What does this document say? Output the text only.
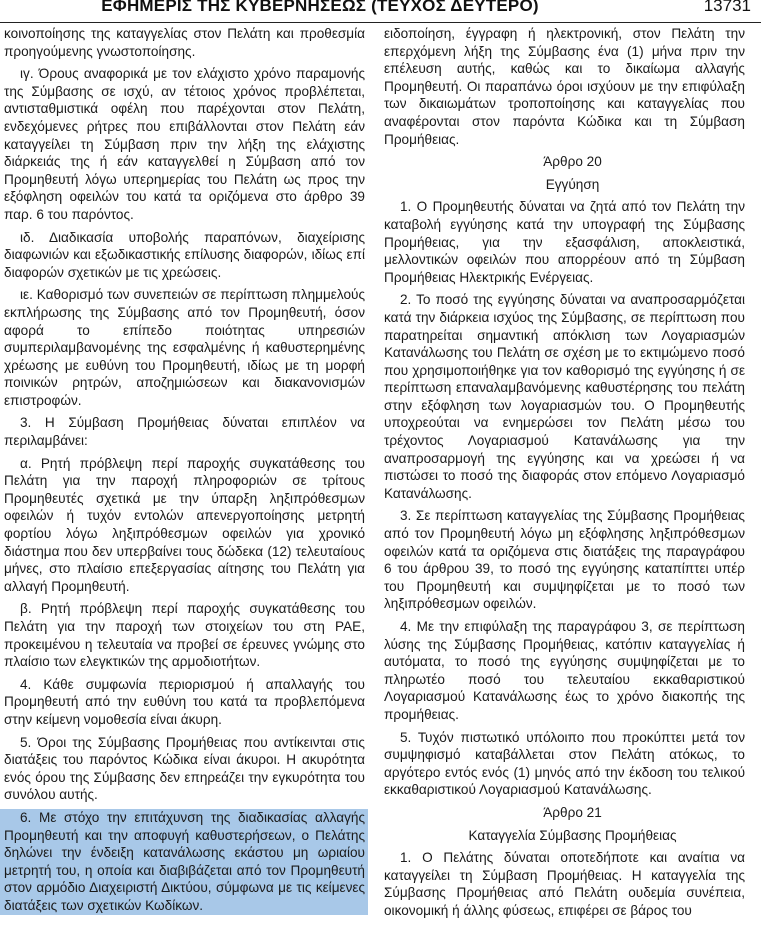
ΕΦΗΜΕΡΙΣ ΤΗΣ ΚΥΒΕΡΝΗΣΕΩΣ (ΤΕΥΧΟΣ ΔΕΥΤΕΡΟ)	13731

κοινοποίησης της καταγγελίας στον Πελάτη και προθεσμία προηγούμενης γνωστοποίησης.

ιγ. Όρους αναφορικά με τον ελάχιστο χρόνο παραμονής της Σύμβασης σε ισχύ, αν τέτοιος χρόνος προβλέπεται, αντισταθμιστικά οφέλη που παρέχονται στον Πελάτη, ενδεχόμενες ρήτρες που επιβάλλονται στον Πελάτη εάν καταγγείλει τη Σύμβαση πριν την λήξη της ελάχιστης διάρκειάς της ή εάν καταγγελθεί η Σύμβαση από τον Προμηθευτή λόγω υπερημερίας του Πελάτη ως προς την εξόφληση οφειλών του κατά τα οριζόμενα στο άρθρο 39 παρ. 6 του παρόντος.

ιδ. Διαδικασία υποβολής παραπόνων, διαχείρισης διαφωνιών και εξωδικαστικής επίλυσης διαφορών, ιδίως επί διαφορών σχετικών με τις χρεώσεις.

ιε. Καθορισμό των συνεπειών σε περίπτωση πλημμελούς εκπλήρωσης της Σύμβασης από τον Προμηθευτή, όσον αφορά το επίπεδο ποιότητας υπηρεσιών συμπεριλαμβανομένης της εσφαλμένης ή καθυστερημένης χρέωσης με ευθύνη του Προμηθευτή, ιδίως με τη μορφή ποινικών ρητρών, αποζημιώσεων και διακανονισμών επιστροφών.

3. Η Σύμβαση Προμήθειας δύναται επιπλέον να περιλαμβάνει:

α. Ρητή πρόβλεψη περί παροχής συγκατάθεσης του Πελάτη για την παροχή πληροφοριών σε τρίτους Προμηθευτές σχετικά με την ύπαρξη ληξιπρόθεσμων οφειλών ή τυχόν εντολών απενεργοποίησης μετρητή φορτίου λόγω ληξιπρόθεσμων οφειλών για χρονικό διάστημα που δεν υπερβαίνει τους δώδεκα (12) τελευταίους μήνες, στο πλαίσιο επεξεργασίας αίτησης του Πελάτη για αλλαγή Προμηθευτή.

β. Ρητή πρόβλεψη περί παροχής συγκατάθεσης του Πελάτη για την παροχή των στοιχείων του στη ΡΑΕ, προκειμένου η τελευταία να προβεί σε έρευνες γνώμης στο πλαίσιο των ελεγκτικών της αρμοδιοτήτων.

4. Κάθε συμφωνία περιορισμού ή απαλλαγής του Προμηθευτή από την ευθύνη του κατά τα προβλεπόμενα στην κείμενη νομοθεσία είναι άκυρη.

5. Όροι της Σύμβασης Προμήθειας που αντίκεινται στις διατάξεις του παρόντος Κώδικα είναι άκυροι. Η ακυρότητα ενός όρου της Σύμβασης δεν επηρεάζει την εγκυρότητα του συνόλου αυτής.

6. Με στόχο την επιτάχυνση της διαδικασίας αλλαγής Προμηθευτή και την αποφυγή καθυστερήσεων, ο Πελάτης δηλώνει την ένδειξη κατανάλωσης εκάστου μη ωριαίου μετρητή του, η οποία και διαβιβάζεται από τον Προμηθευτή στον αρμόδιο Διαχειριστή Δικτύου, σύμφωνα με τις κείμενες διατάξεις των σχετικών Κωδίκων.

ειδοποίηση, έγγραφη ή ηλεκτρονική, στον Πελάτη την επερχόμενη λήξη της Σύμβασης ένα (1) μήνα πριν την επέλευση αυτής, καθώς και το δικαίωμα αλλαγής Προμηθευτή. Οι παραπάνω όροι ισχύουν με την επιφύλαξη των δικαιωμάτων τροποποίησης και καταγγελίας που αναφέρονται στον παρόντα Κώδικα και τη Σύμβαση Προμήθειας.

Άρθρο 20

Εγγύηση

1. Ο Προμηθευτής δύναται να ζητά από τον Πελάτη την καταβολή εγγύησης κατά την υπογραφή της Σύμβασης Προμήθειας, για την εξασφάλιση, αποκλειστικά, μελλοντικών οφειλών που απορρέουν από τη Σύμβαση Προμήθειας Ηλεκτρικής Ενέργειας.

2. Το ποσό της εγγύησης δύναται να αναπροσαρμόζεται κατά την διάρκεια ισχύος της Σύμβασης, σε περίπτωση που παρατηρείται σημαντική απόκλιση των Λογαριασμών Κατανάλωσης του Πελάτη σε σχέση με το εκτιμώμενο ποσό που χρησιμοποιήθηκε για τον καθορισμό της εγγύησης ή σε περίπτωση επαναλαμβανόμενης καθυστέρησης του πελάτη στην εξόφληση των λογαριασμών του. Ο Προμηθευτής υποχρεούται να ενημερώσει τον Πελάτη μέσω του τρέχοντος Λογαριασμού Κατανάλωσης για την αναπροσαρμογή της εγγύησης και να χρεώσει ή να πιστώσει το ποσό της διαφοράς στον επόμενο Λογαριασμό Κατανάλωσης.

3. Σε περίπτωση καταγγελίας της Σύμβασης Προμήθειας από τον Προμηθευτή λόγω μη εξόφλησης ληξιπρόθεσμων οφειλών κατά τα οριζόμενα στις διατάξεις της παραγράφου 6 του άρθρου 39, το ποσό της εγγύησης καταπίπτει υπέρ του Προμηθευτή και συμψηφίζεται με το ποσό των ληξιπρόθεσμων οφειλών.

4. Με την επιφύλαξη της παραγράφου 3, σε περίπτωση λύσης της Σύμβασης Προμήθειας, κατόπιν καταγγελίας ή αυτόματα, το ποσό της εγγύησης συμψηφίζεται με το πληρωτέο ποσό του τελευταίου εκκαθαριστικού Λογαριασμού Κατανάλωσης έως το χρόνο διακοπής της προμήθειας.

5. Τυχόν πιστωτικό υπόλοιπο που προκύπτει μετά τον συμψηφισμό καταβάλλεται στον Πελάτη ατόκως, το αργότερο εντός ενός (1) μηνός από την έκδοση του τελικού εκκαθαριστικού Λογαριασμού Κατανάλωσης.

Άρθρο 21

Καταγγελία Σύμβασης Προμήθειας

1. Ο Πελάτης δύναται οποτεδήποτε και αναίτια να καταγγείλει τη Σύμβαση Προμήθειας. Η καταγγελία της Σύμβασης Προμήθειας από Πελάτη ουδεμία συνέπεια, οικονομική ή άλλης φύσεως, επιφέρει σε βάρος του
